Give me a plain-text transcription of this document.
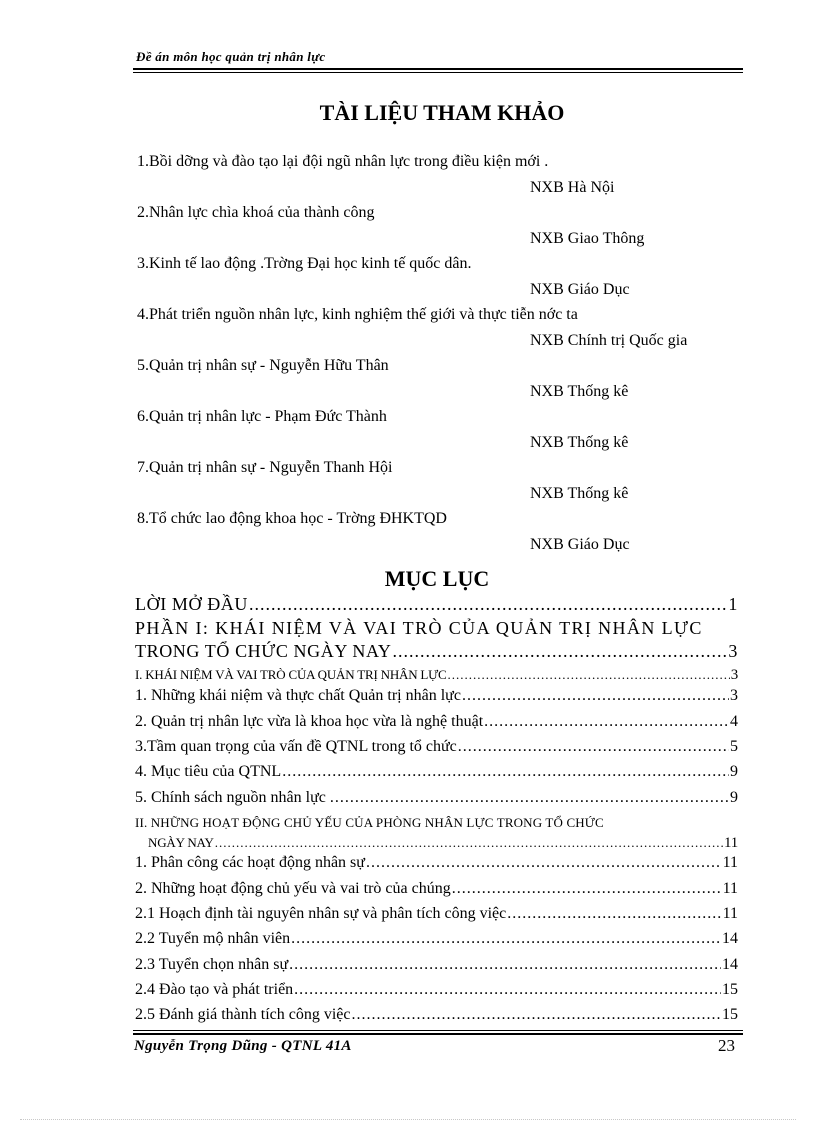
Đề án môn học quản trị nhân lực
TÀI LIỆU THAM KHẢO
1.Bồi dỡng và đào tạo lại đội ngũ nhân lực trong điều kiện mới .
NXB Hà Nội
2.Nhân lực chìa khoá của thành công
NXB Giao Thông
3.Kinh tế lao động .Trờng Đại học kinh tế quốc dân.
NXB Giáo Dục
4.Phát triển nguồn nhân lực, kinh nghiệm thế giới và thực tiễn nớc ta
NXB Chính trị Quốc gia
5.Quản trị nhân sự - Nguyễn Hữu Thân
NXB Thống kê
6.Quản trị nhân lực - Phạm Đức Thành
NXB Thống kê
7.Quản trị nhân sự - Nguyễn Thanh Hội
NXB Thống kê
8.Tổ chức lao động khoa học - Trờng ĐHKTQD
NXB Giáo Dục
MỤC LỤC
LỜI MỞ ĐẦU .....	1
PHẦN I: KHÁI NIỆM VÀ VAI TRÒ CỦA QUẢN TRỊ NHÂN LỰC
TRONG TỔ CHỨC NGÀY NAY .....	3
I. KHÁI NIỆM VÀ VAI TRÒ CỦA QUẢN TRỊ NHÂN LỰC .....	3
1. Những khái niệm và thực chất Quản trị nhân lực .....	3
2. Quản trị nhân lực vừa là khoa học vừa là nghệ thuật .....	4
3.Tầm quan trọng của vấn đề QTNL trong tổ chức .....	5
4. Mục tiêu của QTNL .....	9
5. Chính sách nguồn nhân lực . .....	9
II. NHỮNG HOẠT ĐỘNG CHỦ YẾU CỦA PHÒNG NHÂN LỰC TRONG TỔ CHỨC
NGÀY NAY .....	11
1. Phân công các hoạt động nhân sự .....	11
2. Những hoạt động chủ yếu và vai trò của chúng .....	11
2.1 Hoạch định tài nguyên nhân sự và phân tích công việc .....	11
2.2 Tuyển mộ nhân viên .....	14
2.3 Tuyển chọn nhân sự .....	14
2.4 Đào tạo và phát triển .....	15
2.5 Đánh giá thành tích công việc .....	15
Nguyễn Trọng Dũng - QTNL 41A	23
